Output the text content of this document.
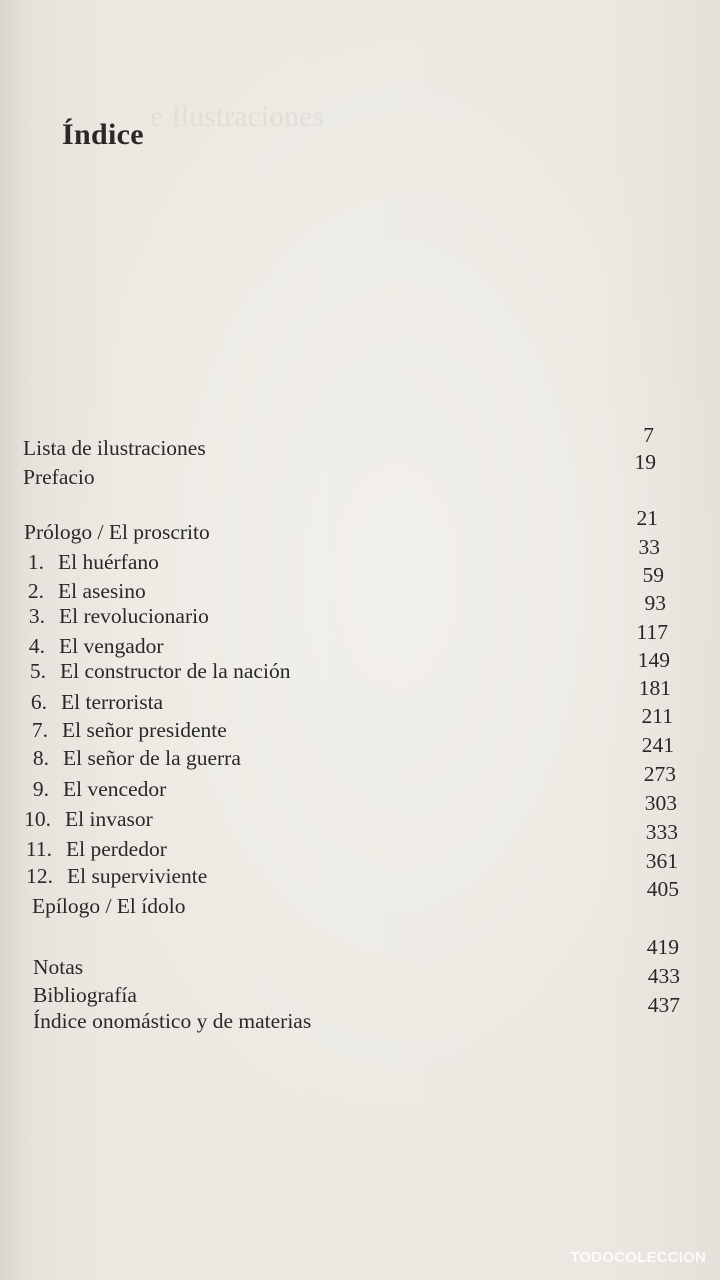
e Ilustraciones

Índice
Lista de ilustraciones
Prefacio
Prólogo / El proscrito
1. El huérfano
2. El asesino
3. El revolucionario
4. El vengador
5. El constructor de la nación
6. El terrorista
7. El señor presidente
8. El señor de la guerra
9. El vencedor
10. El invasor
11. El perdedor
12. El superviviente
Epílogo / El ídolo
Notas
Bibliografía
Índice onomástico y de materias
7
19
21
33
59
93
117
149
181
211
241
273
303
333
361
405
419
433
437
TODOCOLECCION
